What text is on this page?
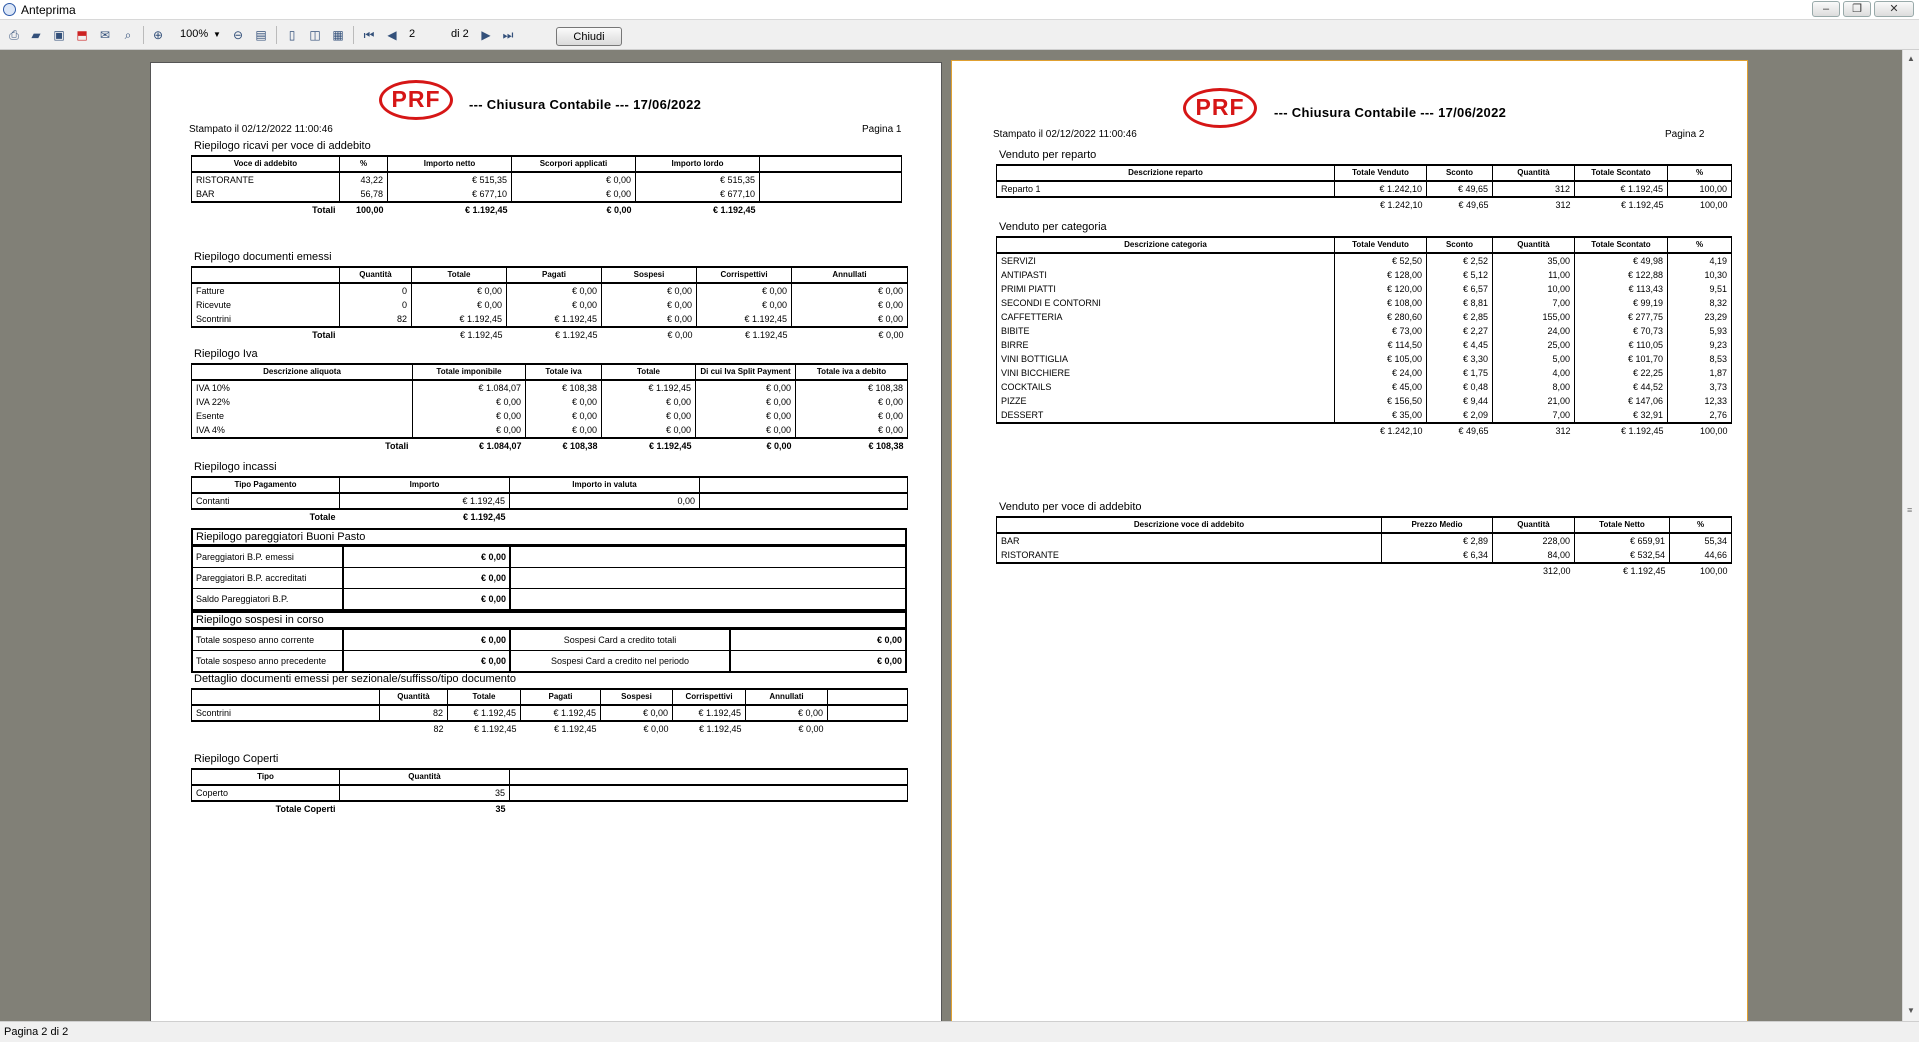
Anteprima	–	❐	✕
⎙ ▰ ▣ ⬒ ✉	⌕	⊕ 100% ▼ ⊖ ▤	▯	◫ ▦ ⏮ ◀	2	di 2 ▶ ⏭	Chiudi
PRF	--- Chiusura Contabile --- 17/06/2022
Stampato il 02/12/2022 11:00:46	Pagina 1
Riepilogo ricavi per voce di addebito
Voce di addebito	%	Importo netto	Scorpori applicati	Importo lordo	
RISTORANTE	43,22	€ 515,35	€ 0,00	€ 515,35	
BAR	56,78	€ 677,10	€ 0,00	€ 677,10	
Totali	100,00	€ 1.192,45	€ 0,00	€ 1.192,45	
Riepilogo documenti emessi
	Quantità	Totale	Pagati	Sospesi	Corrispettivi	Annullati
Fatture	0	€ 0,00	€ 0,00	€ 0,00	€ 0,00	€ 0,00
Ricevute	0	€ 0,00	€ 0,00	€ 0,00	€ 0,00	€ 0,00
Scontrini	82	€ 1.192,45	€ 1.192,45	€ 0,00	€ 1.192,45	€ 0,00
Totali		€ 1.192,45	€ 1.192,45	€ 0,00	€ 1.192,45	€ 0,00
Riepilogo Iva
Descrizione aliquota	Totale imponibile	Totale iva	Totale	Di cui Iva Split Payment	Totale iva a debito
IVA 10%	€ 1.084,07	€ 108,38	€ 1.192,45	€ 0,00	€ 108,38
IVA 22%	€ 0,00	€ 0,00	€ 0,00	€ 0,00	€ 0,00
Esente	€ 0,00	€ 0,00	€ 0,00	€ 0,00	€ 0,00
IVA 4%	€ 0,00	€ 0,00	€ 0,00	€ 0,00	€ 0,00
Totali	€ 1.084,07	€ 108,38	€ 1.192,45	€ 0,00	€ 108,38
Riepilogo incassi
Tipo Pagamento	Importo	Importo in valuta	
Contanti	€ 1.192,45	0,00	
Totale	€ 1.192,45		
Riepilogo pareggiatori Buoni Pasto
Pareggiatori B.P. emessi	€ 0,00
Pareggiatori B.P. accreditati	€ 0,00
Saldo Pareggiatori B.P.	€ 0,00
Riepilogo sospesi in corso
Totale sospeso anno corrente	€ 0,00	Sospesi Card a credito totali	€ 0,00
Totale sospeso anno precedente	€ 0,00	Sospesi Card a credito nel periodo	€ 0,00
Dettaglio documenti emessi per sezionale/suffisso/tipo documento
	Quantità	Totale	Pagati	Sospesi	Corrispettivi	Annullati	
Scontrini	82	€ 1.192,45	€ 1.192,45	€ 0,00	€ 1.192,45	€ 0,00	
	82	€ 1.192,45	€ 1.192,45	€ 0,00	€ 1.192,45	€ 0,00	
Riepilogo Coperti
Tipo	Quantità	
Coperto	35	
Totale Coperti	35	
PRF	--- Chiusura Contabile --- 17/06/2022
Stampato il 02/12/2022 11:00:46	Pagina 2
Venduto per reparto
Descrizione reparto	Totale Venduto	Sconto	Quantità	Totale Scontato	%
Reparto 1	€ 1.242,10	€ 49,65	312	€ 1.192,45	100,00
	€ 1.242,10	€ 49,65	312	€ 1.192,45	100,00
Venduto per categoria
Descrizione categoria	Totale Venduto	Sconto	Quantità	Totale Scontato	%
SERVIZI	€ 52,50	€ 2,52	35,00	€ 49,98	4,19
ANTIPASTI	€ 128,00	€ 5,12	11,00	€ 122,88	10,30
PRIMI PIATTI	€ 120,00	€ 6,57	10,00	€ 113,43	9,51
SECONDI E CONTORNI	€ 108,00	€ 8,81	7,00	€ 99,19	8,32
CAFFETTERIA	€ 280,60	€ 2,85	155,00	€ 277,75	23,29
BIBITE	€ 73,00	€ 2,27	24,00	€ 70,73	5,93
BIRRE	€ 114,50	€ 4,45	25,00	€ 110,05	9,23
VINI BOTTIGLIA	€ 105,00	€ 3,30	5,00	€ 101,70	8,53
VINI BICCHIERE	€ 24,00	€ 1,75	4,00	€ 22,25	1,87
COCKTAILS	€ 45,00	€ 0,48	8,00	€ 44,52	3,73
PIZZE	€ 156,50	€ 9,44	21,00	€ 147,06	12,33
DESSERT	€ 35,00	€ 2,09	7,00	€ 32,91	2,76
	€ 1.242,10	€ 49,65	312	€ 1.192,45	100,00
Venduto per voce di addebito
Descrizione voce di addebito	Prezzo Medio	Quantità	Totale Netto	%
BAR	€ 2,89	228,00	€ 659,91	55,34
RISTORANTE	€ 6,34	84,00	€ 532,54	44,66
		312,00	€ 1.192,45	100,00
▲
≡
▼
Pagina 2 di 2
